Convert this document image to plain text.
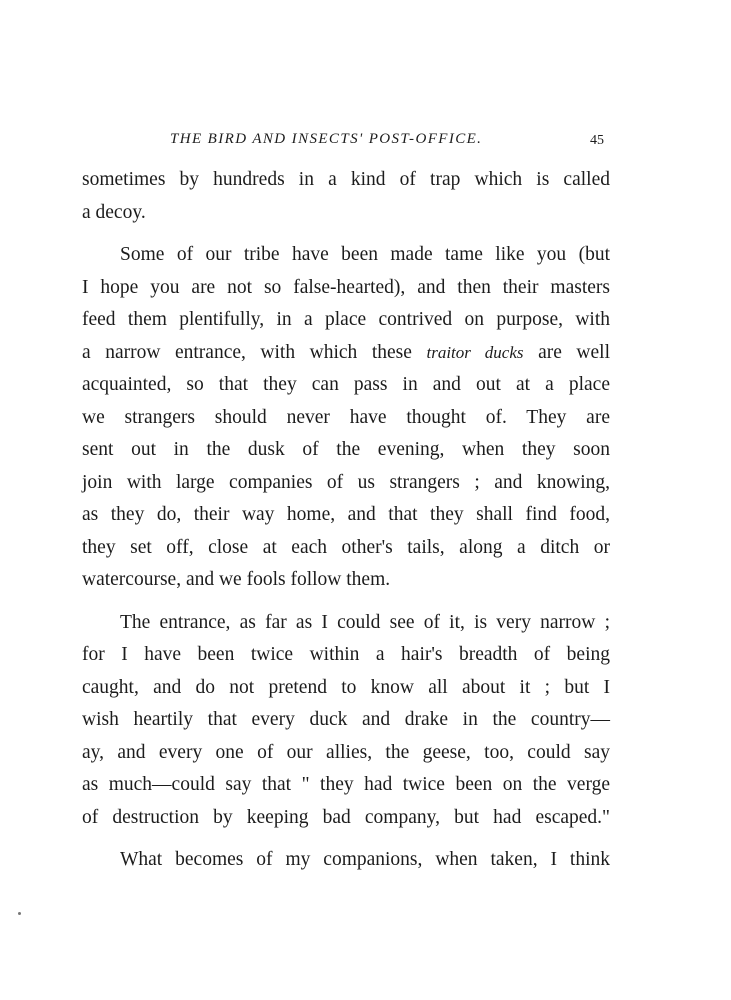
THE BIRD AND INSECTS' POST-OFFICE.	45
sometimes by hundreds in a kind of trap which is called
a decoy.
Some of our tribe have been made tame like you (but
I hope you are not so false-hearted), and then their masters
feed them plentifully, in a place contrived on purpose, with
a narrow entrance, with which these traitor ducks are well
acquainted, so that they can pass in and out at a place
we strangers should never have thought of. They are
sent out in the dusk of the evening, when they soon
join with large companies of us strangers ; and knowing,
as they do, their way home, and that they shall find food,
they set off, close at each other's tails, along a ditch or
watercourse, and we fools follow them.
The entrance, as far as I could see of it, is very narrow ;
for I have been twice within a hair's breadth of being
caught, and do not pretend to know all about it ; but I
wish heartily that every duck and drake in the country—
ay, and every one of our allies, the geese, too, could say
as much—could say that " they had twice been on the verge
of destruction by keeping bad company, but had escaped."
What becomes of my companions, when taken, I think
